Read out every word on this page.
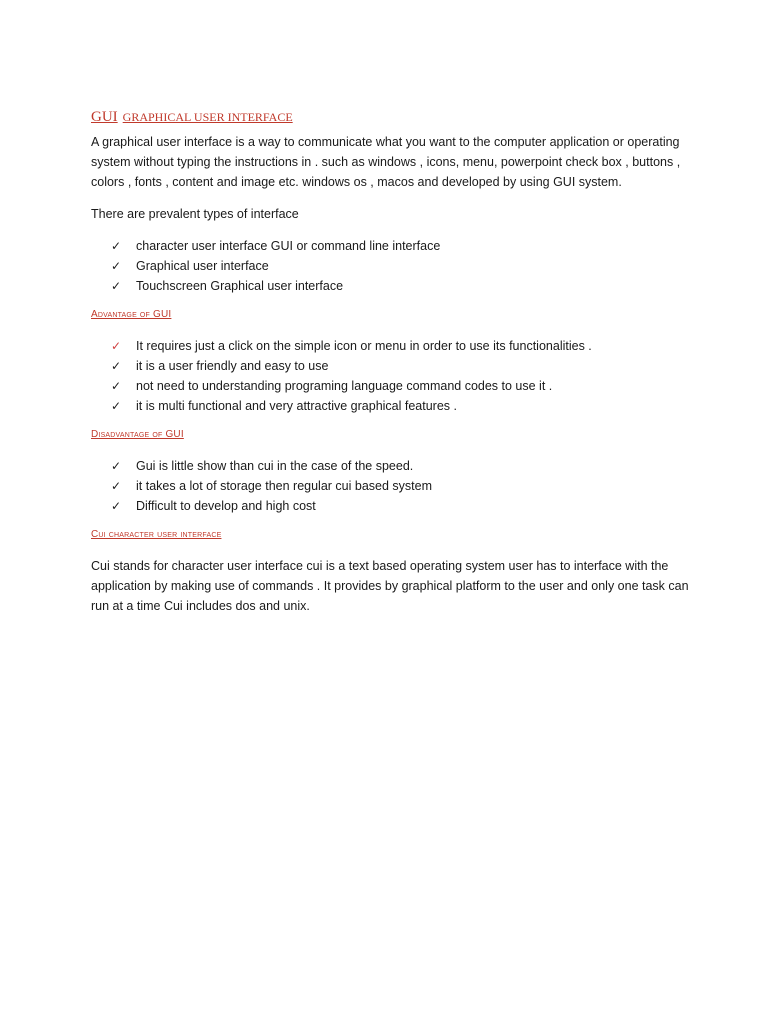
GUI GRAPHICAL USER INTERFACE

A graphical user interface is a way to communicate what you want to the computer application or operating system without typing the instructions in . such as windows , icons, menu, powerpoint check box , buttons , colors , fonts , content and image etc. windows os , macos and developed by using GUI system.

There are prevalent types of interface

✓ character user interface GUI or command line interface
✓ Graphical user interface
✓ Touchscreen Graphical user interface
Advantage of GUI
✓ It requires just a click on the simple icon or menu in order to use its functionalities .
✓ it is a user friendly and easy to use
✓ not need to understanding programing language command codes to use it .
✓ it is multi functional and very attractive graphical features .
Disadvantage of GUI
✓ Gui is little show than cui in the case of the speed.
✓ it takes a lot of storage then regular cui based system
✓ Difficult to develop and high cost
Cui character user interface

Cui stands for character user interface cui is a text based operating system user has to interface with the application by making use of commands . It provides by graphical platform to the user and only one task can run at a time Cui includes dos and unix.
